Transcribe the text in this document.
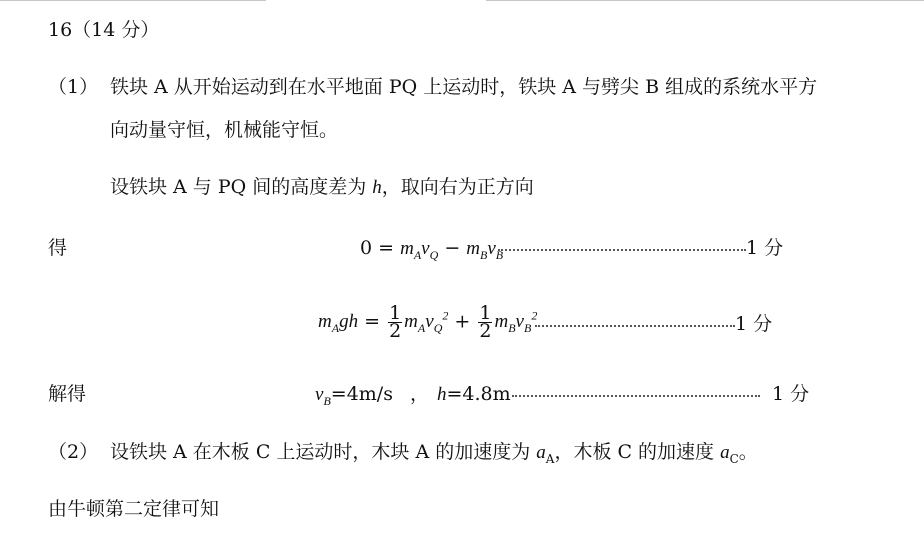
16（14 分）
（1） 铁块 A 从开始运动到在水平地面 PQ 上运动时，铁块 A 与劈尖 B 组成的系统水平方
向动量守恒，机械能守恒。
设铁块 A 与 PQ 间的高度差为 h，取向右为正方向
得	$0 = m_Av_Q - m_Bv_B$	1 分
$m_Agh = \frac{1}{2} m_Av_Q^2 + \frac{1}{2} m_Bv_B^2$	1 分
解得	$v_B=4m/s$ ， h=4.8m	1 分
（2） 设铁块 A 在木板 C 上运动时，木块 A 的加速度为 $a_A$，木板 C 的加速度 $a_C$。
由牛顿第二定律可知
